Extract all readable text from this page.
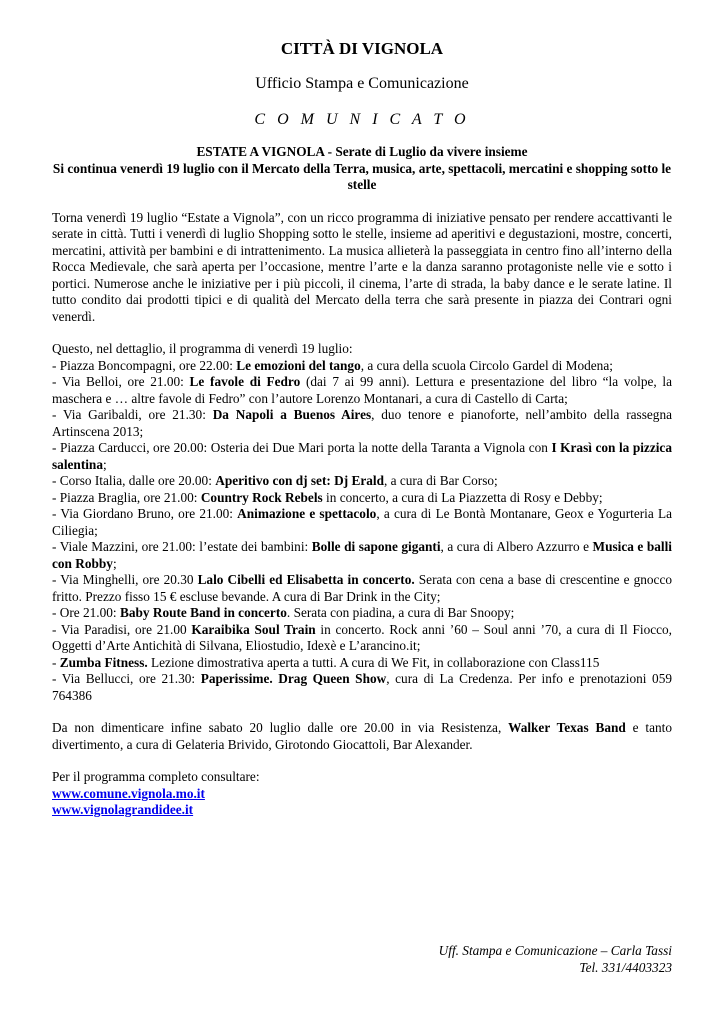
CITTÀ DI VIGNOLA

Ufficio Stampa e Comunicazione

C O M U N I C A T O

ESTATE A VIGNOLA - Serate di Luglio da vivere insieme
Si continua venerdì 19 luglio con il Mercato della Terra, musica, arte, spettacoli, mercatini e shopping sotto le stelle
Torna venerdì 19 luglio “Estate a Vignola”, con un ricco programma di iniziative pensato per rendere accattivanti le serate in città. Tutti i venerdì di luglio Shopping sotto le stelle, insieme ad aperitivi e degustazioni, mostre, concerti, mercatini, attività per bambini e di intrattenimento. La musica allieterà la passeggiata in centro fino all’interno della Rocca Medievale, che sarà aperta per l’occasione, mentre l’arte e la danza saranno protagoniste nelle vie e sotto i portici. Numerose anche le iniziative per i più piccoli, il cinema, l’arte di strada, la baby dance e le serate latine. Il tutto condito dai prodotti tipici e di qualità del Mercato della terra che sarà presente in piazza dei Contrari ogni venerdì.
Questo, nel dettaglio, il programma di venerdì 19 luglio:
- Piazza Boncompagni, ore 22.00: Le emozioni del tango, a cura della scuola Circolo Gardel di Modena;
- Via Belloi, ore 21.00: Le favole di Fedro (dai 7 ai 99 anni). Lettura e presentazione del libro “la volpe, la maschera e … altre favole di Fedro” con l’autore Lorenzo Montanari, a cura di Castello di Carta;
- Via Garibaldi, ore 21.30: Da Napoli a Buenos Aires, duo tenore e pianoforte, nell’ambito della rassegna Artinscena 2013;
- Piazza Carducci, ore 20.00: Osteria dei Due Mari porta la notte della Taranta a Vignola con I Krasì con la pizzica salentina;
- Corso Italia, dalle ore 20.00: Aperitivo con dj set: Dj Erald, a cura di Bar Corso;
- Piazza Braglia, ore 21.00: Country Rock Rebels in concerto, a cura di La Piazzetta di Rosy e Debby;
- Via Giordano Bruno, ore 21.00: Animazione e spettacolo, a cura di Le Bontà Montanare, Geox e Yogurteria La Ciliegia;
- Viale Mazzini, ore 21.00: l’estate dei bambini: Bolle di sapone giganti, a cura di Albero Azzurro e Musica e balli con Robby;
- Via Minghelli, ore 20.30 Lalo Cibelli ed Elisabetta in concerto. Serata con cena a base di crescentine e gnocco fritto. Prezzo fisso 15 € escluse bevande. A cura di Bar Drink in the City;
- Ore 21.00: Baby Route Band in concerto. Serata con piadina, a cura di Bar Snoopy;
- Via Paradisi, ore 21.00 Karaibika Soul Train in concerto. Rock anni ’60 – Soul anni ’70, a cura di Il Fiocco, Oggetti d’Arte Antichità di Silvana, Eliostudio, Idexè e L’arancino.it;
- Zumba Fitness. Lezione dimostrativa aperta a tutti. A cura di We Fit, in collaborazione con Class115
- Via Bellucci, ore 21.30: Paperissime. Drag Queen Show, cura di La Credenza. Per info e prenotazioni 059 764386
Da non dimenticare infine sabato 20 luglio dalle ore 20.00 in via Resistenza, Walker Texas Band e tanto divertimento, a cura di Gelateria Brivido, Girotondo Giocattoli, Bar Alexander.
Per il programma completo consultare:
www.comune.vignola.mo.it
www.vignolagrandidee.it
Uff. Stampa e Comunicazione – Carla Tassi
Tel. 331/4403323
